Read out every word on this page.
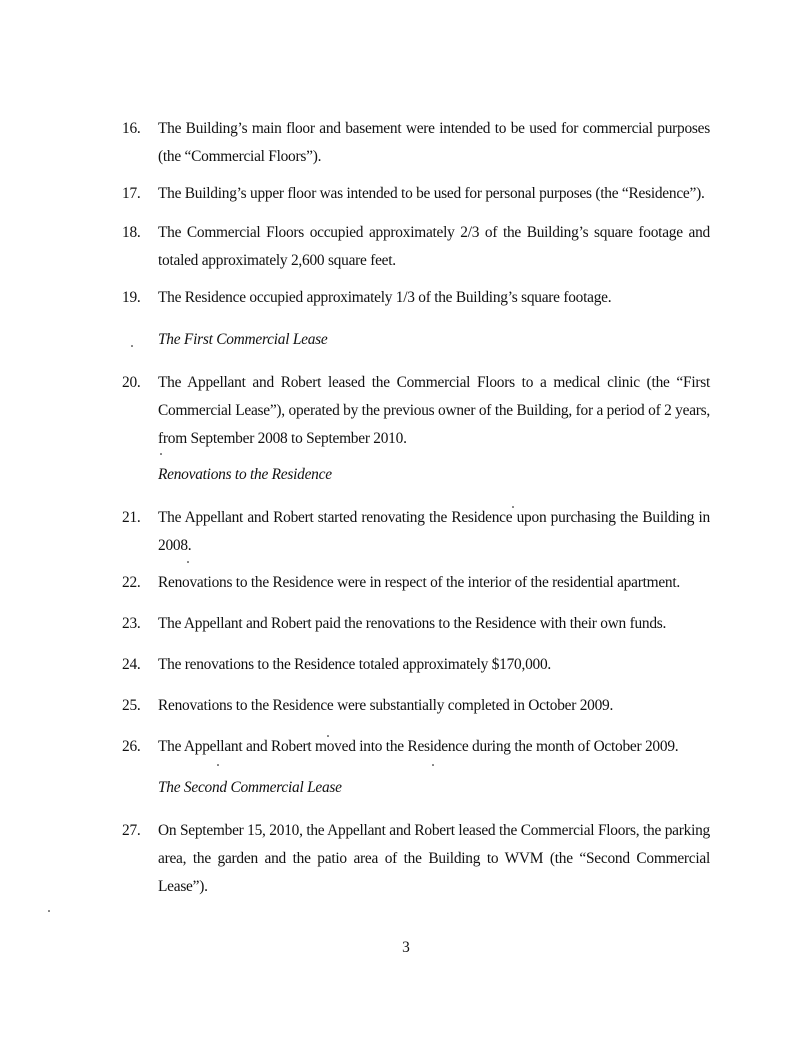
16.	The Building’s main floor and basement were intended to be used for commercial purposes (the “Commercial Floors”).
17.	The Building’s upper floor was intended to be used for personal purposes (the “Residence”).
18.	The Commercial Floors occupied approximately 2/3 of the Building’s square footage and totaled approximately 2,600 square feet.
19.	The Residence occupied approximately 1/3 of the Building’s square footage.
The First Commercial Lease
20.	The Appellant and Robert leased the Commercial Floors to a medical clinic (the “First Commercial Lease”), operated by the previous owner of the Building, for a period of 2 years, from September 2008 to September 2010.
Renovations to the Residence
21.	The Appellant and Robert started renovating the Residence upon purchasing the Building in 2008.
22.	Renovations to the Residence were in respect of the interior of the residential apartment.
23.	The Appellant and Robert paid the renovations to the Residence with their own funds.
24.	The renovations to the Residence totaled approximately $170,000.
25.	Renovations to the Residence were substantially completed in October 2009.
26.	The Appellant and Robert moved into the Residence during the month of October 2009.
The Second Commercial Lease
27.	On September 15, 2010, the Appellant and Robert leased the Commercial Floors, the parking area, the garden and the patio area of the Building to WVM (the “Second Commercial Lease”).
3
